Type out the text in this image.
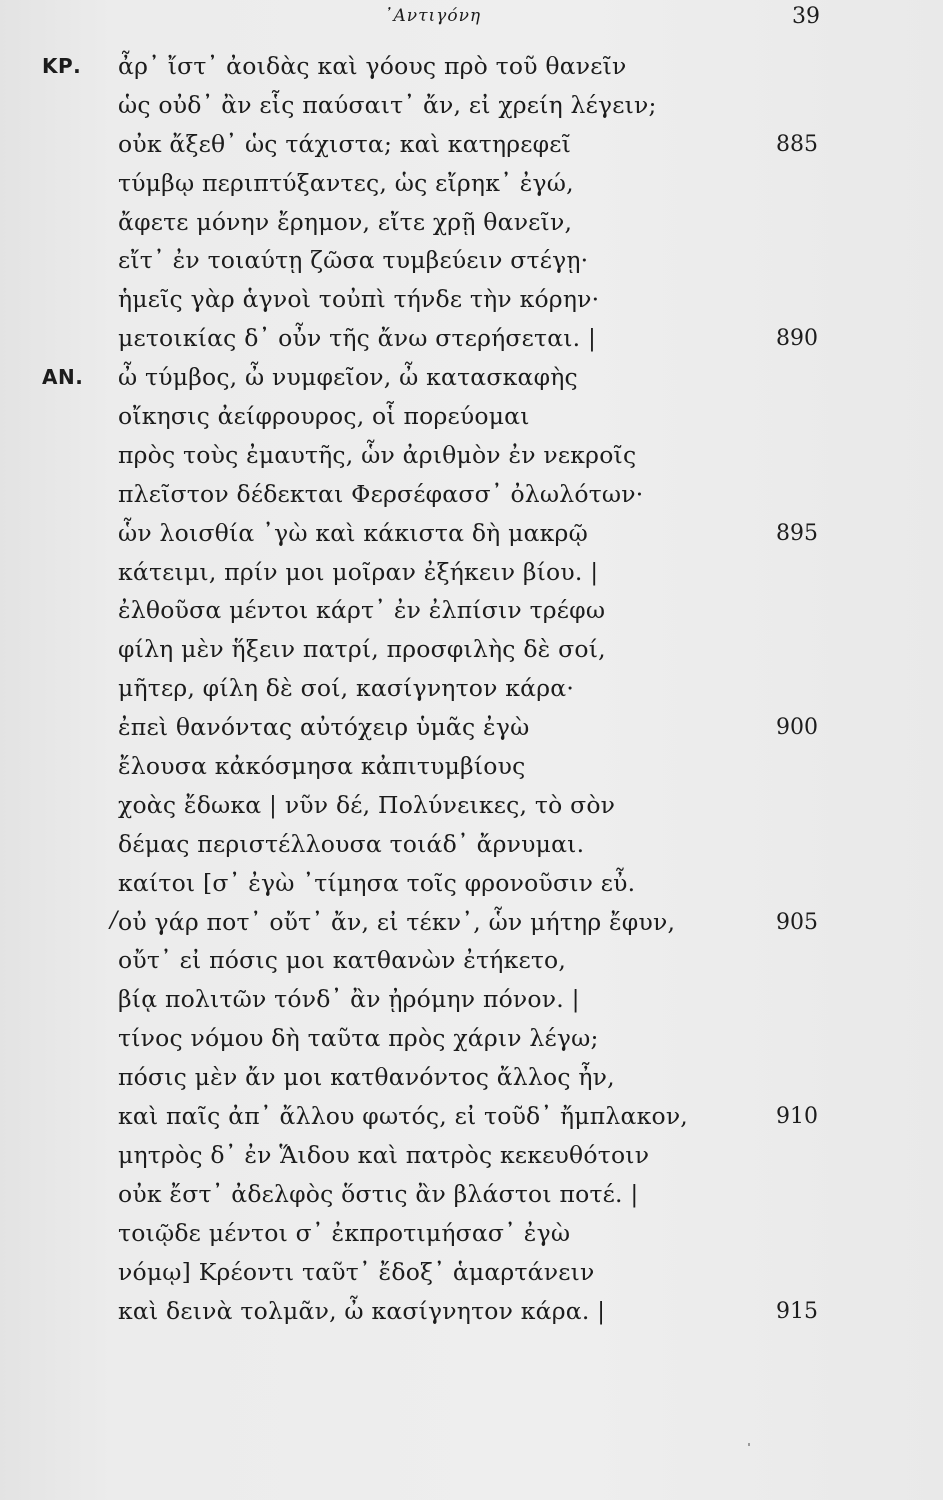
᾿Αντιγόνη	39
ΚΡ. ἆρ᾽ ἴστ᾽ ἀοιδὰς καὶ γόους πρὸ τοῦ θανεῖν
ὡς οὐδ᾽ ἂν εἷς παύσαιτ᾽ ἄν, εἰ χρείη λέγειν;
οὐκ ἄξεθ᾽ ὡς τάχιστα; καὶ κατηρεφεῖ	885
τύμβῳ περιπτύξαντες, ὡς εἴρηκ᾽ ἐγώ,
ἄφετε μόνην ἔρημον, εἴτε χρῇ θανεῖν,
εἴτ᾽ ἐν τοιαύτῃ ζῶσα τυμβεύειν στέγῃ·
ἡμεῖς γὰρ ἁγνοὶ τοὐπὶ τήνδε τὴν κόρην·
μετοικίας δ᾽ οὖν τῆς ἄνω στερήσεται. |	890
ΑΝ. ὦ τύμβος, ὦ νυμφεῖον, ὦ κατασκαφὴς
οἴκησις ἀείφρουρος, οἷ πορεύομαι
πρὸς τοὺς ἐμαυτῆς, ὧν ἀριθμὸν ἐν νεκροῖς
πλεῖστον δέδεκται Φερσέφασσ᾽ ὀλωλότων·
ὧν λοισθία ᾽γὼ καὶ κάκιστα δὴ μακρῷ	895
κάτειμι, πρίν μοι μοῖραν ἐξήκειν βίου. |
ἐλθοῦσα μέντοι κάρτ᾽ ἐν ἐλπίσιν τρέφω
φίλη μὲν ἥξειν πατρί, προσφιλὴς δὲ σοί,
μῆτερ, φίλη δὲ σοί, κασίγνητον κάρα·
ἐπεὶ θανόντας αὐτόχειρ ὑμᾶς ἐγὼ	900
ἔλουσα κἀκόσμησα κἀπιτυμβίους
χοὰς ἔδωκα | νῦν δέ, Πολύνεικες, τὸ σὸν
δέμας περιστέλλουσα τοιάδ᾽ ἄρνυμαι.
καίτοι [σ᾽ ἐγὼ ᾽τίμησα τοῖς φρονοῦσιν εὖ.
/ οὐ γάρ ποτ᾽ οὔτ᾽ ἄν, εἰ τέκν᾽, ὧν μήτηρ ἔφυν,	905
οὔτ᾽ εἰ πόσις μοι κατθανὼν ἐτήκετο,
βίᾳ πολιτῶν τόνδ᾽ ἂν ᾐρόμην πόνον. |
τίνος νόμου δὴ ταῦτα πρὸς χάριν λέγω;
πόσις μὲν ἄν μοι κατθανόντος ἄλλος ἦν,
καὶ παῖς ἀπ᾽ ἄλλου φωτός, εἰ τοῦδ᾽ ἤμπλακον,	910
μητρὸς δ᾽ ἐν Ἅιδου καὶ πατρὸς κεκευθότοιν
οὐκ ἔστ᾽ ἀδελφὸς ὅστις ἂν βλάστοι ποτέ. |
τοιῷδε μέντοι σ᾽ ἐκπροτιμήσασ᾽ ἐγὼ
νόμῳ] Κρέοντι ταῦτ᾽ ἔδοξ᾽ ἁμαρτάνειν
καὶ δεινὰ τολμᾶν, ὦ κασίγνητον κάρα. |	915
